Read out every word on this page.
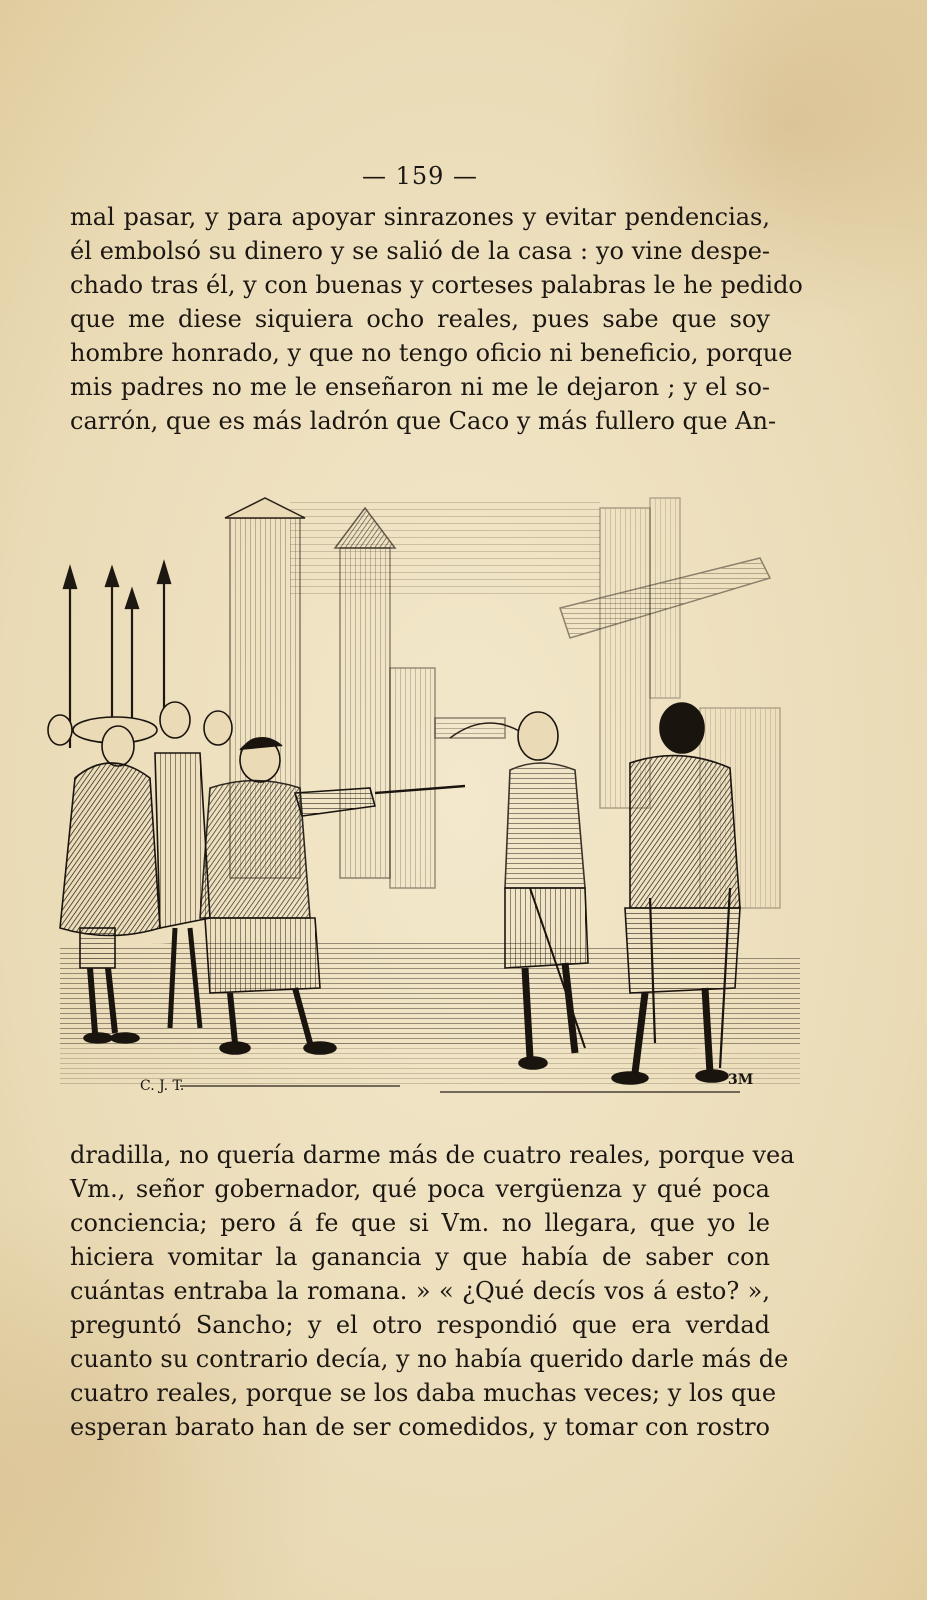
— 159 —
mal pasar, y para apoyar sinrazones y evitar pendencias,
él embolsó su dinero y se salió de la casa : yo vine despe-
chado tras él, y con buenas y corteses palabras le he pedido
que me diese siquiera ocho reales, pues sabe que soy
hombre honrado, y que no tengo oficio ni beneficio, porque
mis padres no me le enseñaron ni me le dejaron ; y el so-
carrón, que es más ladrón que Caco y más fullero que An-
C. J. T.	3M
dradilla, no quería darme más de cuatro reales, porque vea
Vm., señor gobernador, qué poca vergüenza y qué poca
conciencia; pero á fe que si Vm. no llegara, que yo le
hiciera vomitar la ganancia y que había de saber con
cuántas entraba la romana. » « ¿Qué decís vos á esto? »,
preguntó Sancho; y el otro respondió que era verdad
cuanto su contrario decía, y no había querido darle más de
cuatro reales, porque se los daba muchas veces; y los que
esperan barato han de ser comedidos, y tomar con rostro
